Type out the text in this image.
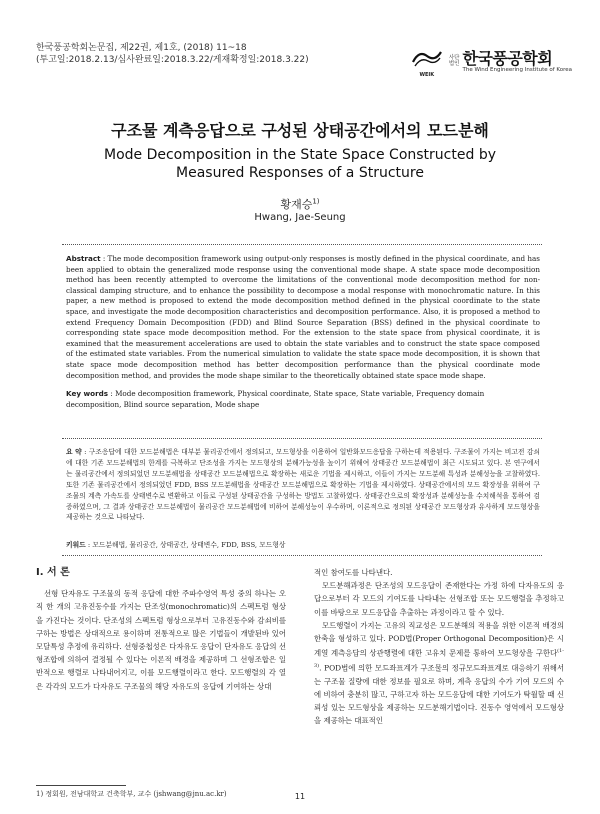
한국풍공학회논문집, 제22권, 제1호, (2018) 11~18
(투고일:2018.2.13/심사완료일:2018.3.22/게재확정일:2018.3.22)
WEIK
사단
법인 한국풍공학회
The Wind Engineering Institute of Korea
구조물 계측응답으로 구성된 상태공간에서의 모드분해
Mode Decomposition in the State Space Constructed by
Measured Responses of a Structure
황재승$^{1)}$
Hwang, Jae-Seung
Abstract : The mode decomposition framework using output-only responses is mostly defined in the physical coordinate, and has been applied to obtain the generalized mode response using the conventional mode shape. A state space mode decomposition method has been recently attempted to overcome the limitations of the conventional mode decomposition method for non-classical damping structure, and to enhance the possibility to decompose a modal response with monochromatic nature. In this paper, a new method is proposed to extend the mode decomposition method defined in the physical coordinate to the state space, and investigate the mode decomposition characteristics and decomposition performance. Also, it is proposed a method to extend Frequency Domain Decomposition (FDD) and Blind Source Separation (BSS) defined in the physical coordinate to corresponding state space mode decomposition method. For the extension to the state space from physical coordinate, it is examined that the measurement accelerations are used to obtain the state variables and to construct the state space composed of the estimated state variables. From the numerical simulation to validate the state space mode decomposition, it is shown that state space mode decomposition method has better decomposition performance than the physical coordinate mode decomposition method, and provides the mode shape similar to the theoretically obtained state space mode shape.
Key words : Mode decomposition framework, Physical coordinate, State space, State variable, Frequency domain decomposition, Blind source separation, Mode shape
요 약 : 구조응답에 대한 모드분해법은 대부분 물리공간에서 정의되고, 모드형상을 이용하여 일반화모드응답을 구하는데 적용된다. 구조물이 가지는 비고전 감쇠에 대한 기존 모드분해법의 한계를 극복하고 단조성을 가지는 모드형상의 분해가능성을 높이기 위해여 상태공간 모드분해법이 최근 시도되고 있다. 본 연구에서는 물리공간에서 정의되었던 모드분해법을 상태공간 모드분해법으로 확장하는 새로운 기법을 제시하고, 이들이 가지는 모드분해 특성과 분해성능을 고찰하였다. 또한 기존 물리공간에서 정의되었던 FDD, BSS 모드분해법을 상태공간 모드분해법으로 확장하는 기법을 제시하였다. 상태공간에서의 모드 확장성을 위하여 구조물의 계측 가속도를 상태변수로 변환하고 이들로 구성된 상태공간을 구성하는 방법도 고찰하였다. 상태공간으로의 확장성과 분해성능을 수치해석을 통하여 검증하였으며, 그 결과 상태공간 모드분해법이 물리공간 모드분해법에 비하여 분해성능이 우수하며, 이론적으로 정의된 상태공간 모드형상과 유사하게 모드형상을 제공하는 것으로 나타났다.
키워드 : 모드분해법, 물리공간, 상태공간, 상태변수, FDD, BSS, 모드형상
I. 서 론

선형 단자유도 구조물의 동적 응답에 대한 주파수영역 특성 중의 하나는 오직 한 개의 고유진동수를 가지는 단조성(monochromatic)의 스펙트럼 형상을 가진다는 것이다. 단조성의 스펙트럼 형상으로부터 고유진동수와 감쇠비를 구하는 방법은 상대적으로 용이하며 전통적으로 많은 기법들이 개발된바 있어 모달특성 추정에 유리하다. 선형중첩성은 다자유도 응답이 단자유도 응답의 선형조합에 의하여 결정될 수 있다는 이론적 배경을 제공하며 그 선형조합은 일반적으로 행렬로 나타내어지고, 이를 모드행렬이라고 한다. 모드행렬의 각 열은 각각의 모드가 다자유도 구조물의 해당 자유도의 응답에 기여하는 상대

적인 참여도를 나타낸다.

모드분해과정은 단조성의 모드응답이 존재한다는 가정 하에 다자유도의 응답으로부터 각 모드의 기여도를 나타내는 선형조합 또는 모드행렬을 추정하고 이를 바탕으로 모드응답을 추출하는 과정이라고 할 수 있다.

모드행렬이 가지는 고유의 직교성은 모드분해의 적용을 위한 이론적 배경의 한축을 형성하고 있다. POD법(Proper Orthogonal Decomposition)은 시계열 계측응답의 상관행렬에 대한 고유치 문제를 통하여 모드형상을 구한다$^{(1-3)}$. POD법에 의한 모드좌표계가 구조물의 정규모드좌표계로 대응하기 위해서는 구조물 질량에 대한 정보를 필요로 하며, 계측 응답의 수가 기여 모드의 수에 비하여 충분히 많고, 구하고자 하는 모드응답에 대한 기여도가 탁월할 때 신뢰성 있는 모드형상을 제공하는 모드분해기법이다. 진동수 영역에서 모드형상을 제공하는 대표적인

1) 정회원, 전남대학교 건축학부, 교수 (jshwang@jnu.ac.kr)	11
